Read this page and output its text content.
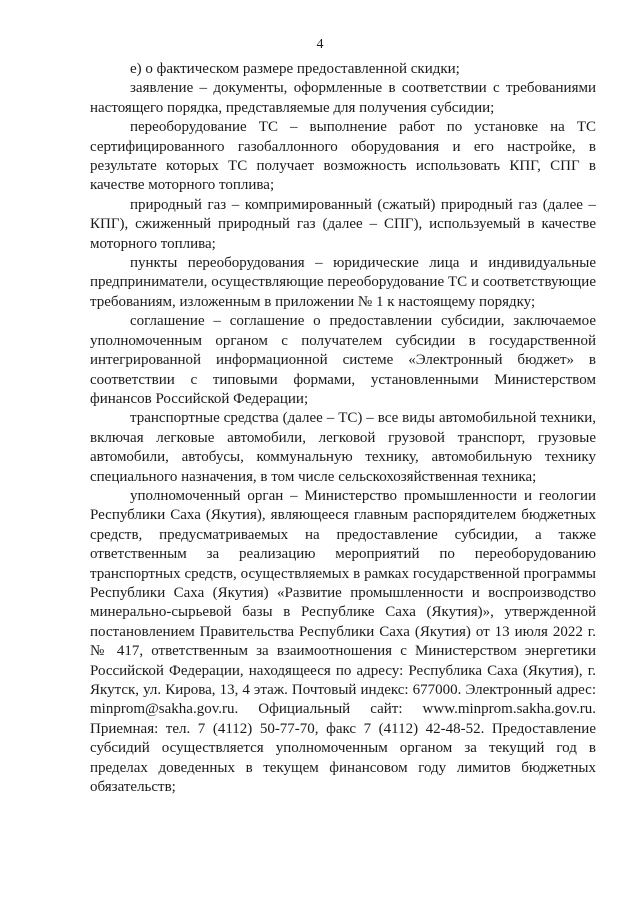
4

е) о фактическом размере предоставленной скидки;

заявление – документы, оформленные в соответствии с требованиями настоящего порядка, представляемые для получения субсидии;

переоборудование ТС – выполнение работ по установке на ТС сертифицированного газобаллонного оборудования и его настройке, в результате которых ТС получает возможность использовать КПГ, СПГ в качестве моторного топлива;

природный газ – компримированный (сжатый) природный газ (далее – КПГ), сжиженный природный газ (далее – СПГ), используемый в качестве моторного топлива;

пункты переоборудования – юридические лица и индивидуальные предприниматели, осуществляющие переоборудование ТС и соответствующие требованиям, изложенным в приложении № 1 к настоящему порядку;

соглашение – соглашение о предоставлении субсидии, заключаемое уполномоченным органом с получателем субсидии в государственной интегрированной информационной системе «Электронный бюджет» в соответствии с типовыми формами, установленными Министерством финансов Российской Федерации;

транспортные средства (далее – ТС) – все виды автомобильной техники, включая легковые автомобили, легковой грузовой транспорт, грузовые автомобили, автобусы, коммунальную технику, автомобильную технику специального назначения, в том числе сельскохозяйственная техника;

уполномоченный орган – Министерство промышленности и геологии Республики Саха (Якутия), являющееся главным распорядителем бюджетных средств, предусматриваемых на предоставление субсидии, а также ответственным за реализацию мероприятий по переоборудованию транспортных средств, осуществляемых в рамках государственной программы Республики Саха (Якутия) «Развитие промышленности и воспроизводство минерально-сырьевой базы в Республике Саха (Якутия)», утвержденной постановлением Правительства Республики Саха (Якутия) от 13 июля 2022 г. № 417, ответственным за взаимоотношения с Министерством энергетики Российской Федерации, находящееся по адресу: Республика Саха (Якутия), г. Якутск, ул. Кирова, 13, 4 этаж. Почтовый индекс: 677000. Электронный адрес: minprom@sakha.gov.ru. Официальный сайт: www.minprom.sakha.gov.ru. Приемная: тел. 7 (4112) 50-77-70, факс 7 (4112) 42-48-52. Предоставление субсидий осуществляется уполномоченным органом за текущий год в пределах доведенных в текущем финансовом году лимитов бюджетных обязательств;
